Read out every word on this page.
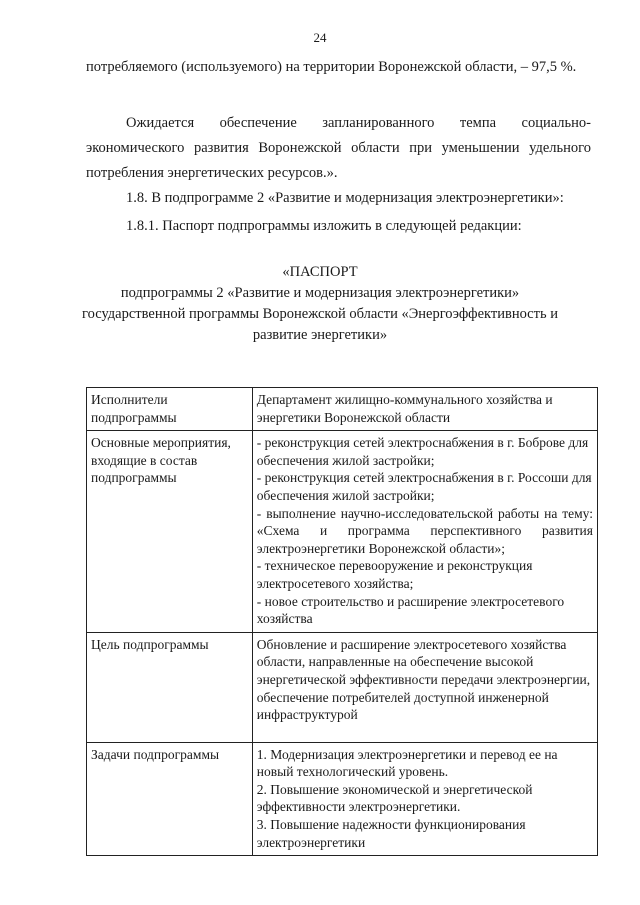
24

потребляемого (используемого) на территории Воронежской области, – 97,5 %.

Ожидается обеспечение запланированного темпа социально-экономического развития Воронежской области при уменьшении удельного потребления энергетических ресурсов.».

1.8. В подпрограмме 2 «Развитие и модернизация электроэнергетики»:

1.8.1. Паспорт подпрограммы изложить в следующей редакции:

«ПАСПОРТ
подпрограммы 2 «Развитие и модернизация электроэнергетики»
государственной программы Воронежской области «Энергоэффективность и
развитие энергетики»
Исполнители подпрограммы	Департамент жилищно-коммунального хозяйства и энергетики Воронежской области

Основные мероприятия, входящие в состав подпрограммы	- реконструкция сетей электроснабжения в г. Боброве для обеспечения жилой застройки;

- реконструкция сетей электроснабжения в г. Россоши для обеспечения жилой застройки;

- выполнение научно-исследовательской работы на тему: «Схема и программа перспективного развития электроэнергетики Воронежской области»;

- техническое перевооружение и реконструкция электросетевого хозяйства;

- новое строительство и расширение электросетевого хозяйства

Цель подпрограммы	Обновление и расширение электросетевого хозяйства области, направленные на обеспечение высокой энергетической эффективности передачи электроэнергии, обеспечение потребителей доступной инженерной инфраструктурой

Задачи подпрограммы	1. Модернизация электроэнергетики и перевод ее на новый технологический уровень.

2. Повышение экономической и энергетической эффективности электроэнергетики.

3. Повышение надежности функционирования электроэнергетики
